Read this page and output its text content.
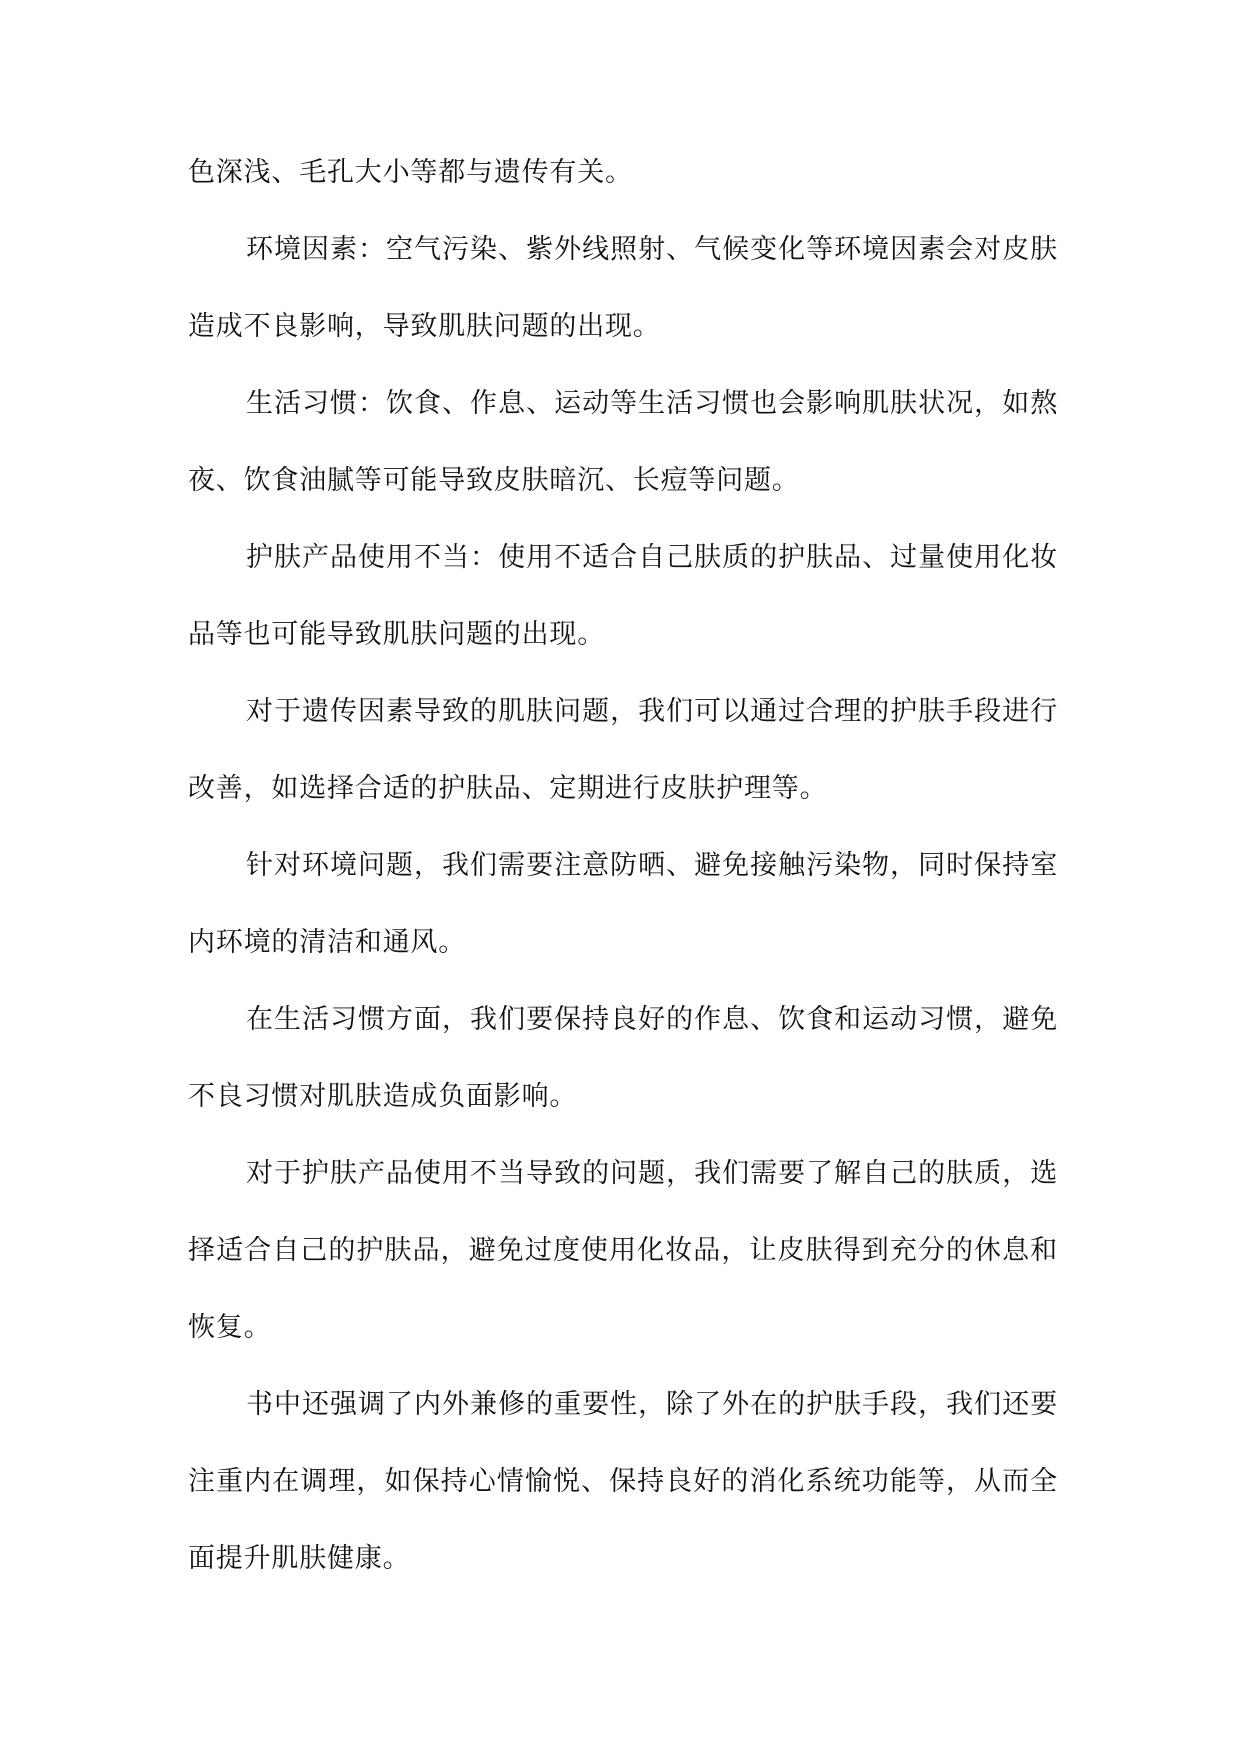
色深浅、毛孔大小等都与遗传有关。

环境因素：空气污染、紫外线照射、气候变化等环境因素会对皮肤造成不良影响，导致肌肤问题的出现。

生活习惯：饮食、作息、运动等生活习惯也会影响肌肤状况，如熬夜、饮食油腻等可能导致皮肤暗沉、长痘等问题。

护肤产品使用不当：使用不适合自己肤质的护肤品、过量使用化妆品等也可能导致肌肤问题的出现。

对于遗传因素导致的肌肤问题，我们可以通过合理的护肤手段进行改善，如选择合适的护肤品、定期进行皮肤护理等。

针对环境问题，我们需要注意防晒、避免接触污染物，同时保持室内环境的清洁和通风。

在生活习惯方面，我们要保持良好的作息、饮食和运动习惯，避免不良习惯对肌肤造成负面影响。

对于护肤产品使用不当导致的问题，我们需要了解自己的肤质，选择适合自己的护肤品，避免过度使用化妆品，让皮肤得到充分的休息和恢复。

书中还强调了内外兼修的重要性，除了外在的护肤手段，我们还要注重内在调理，如保持心情愉悦、保持良好的消化系统功能等，从而全面提升肌肤健康。
